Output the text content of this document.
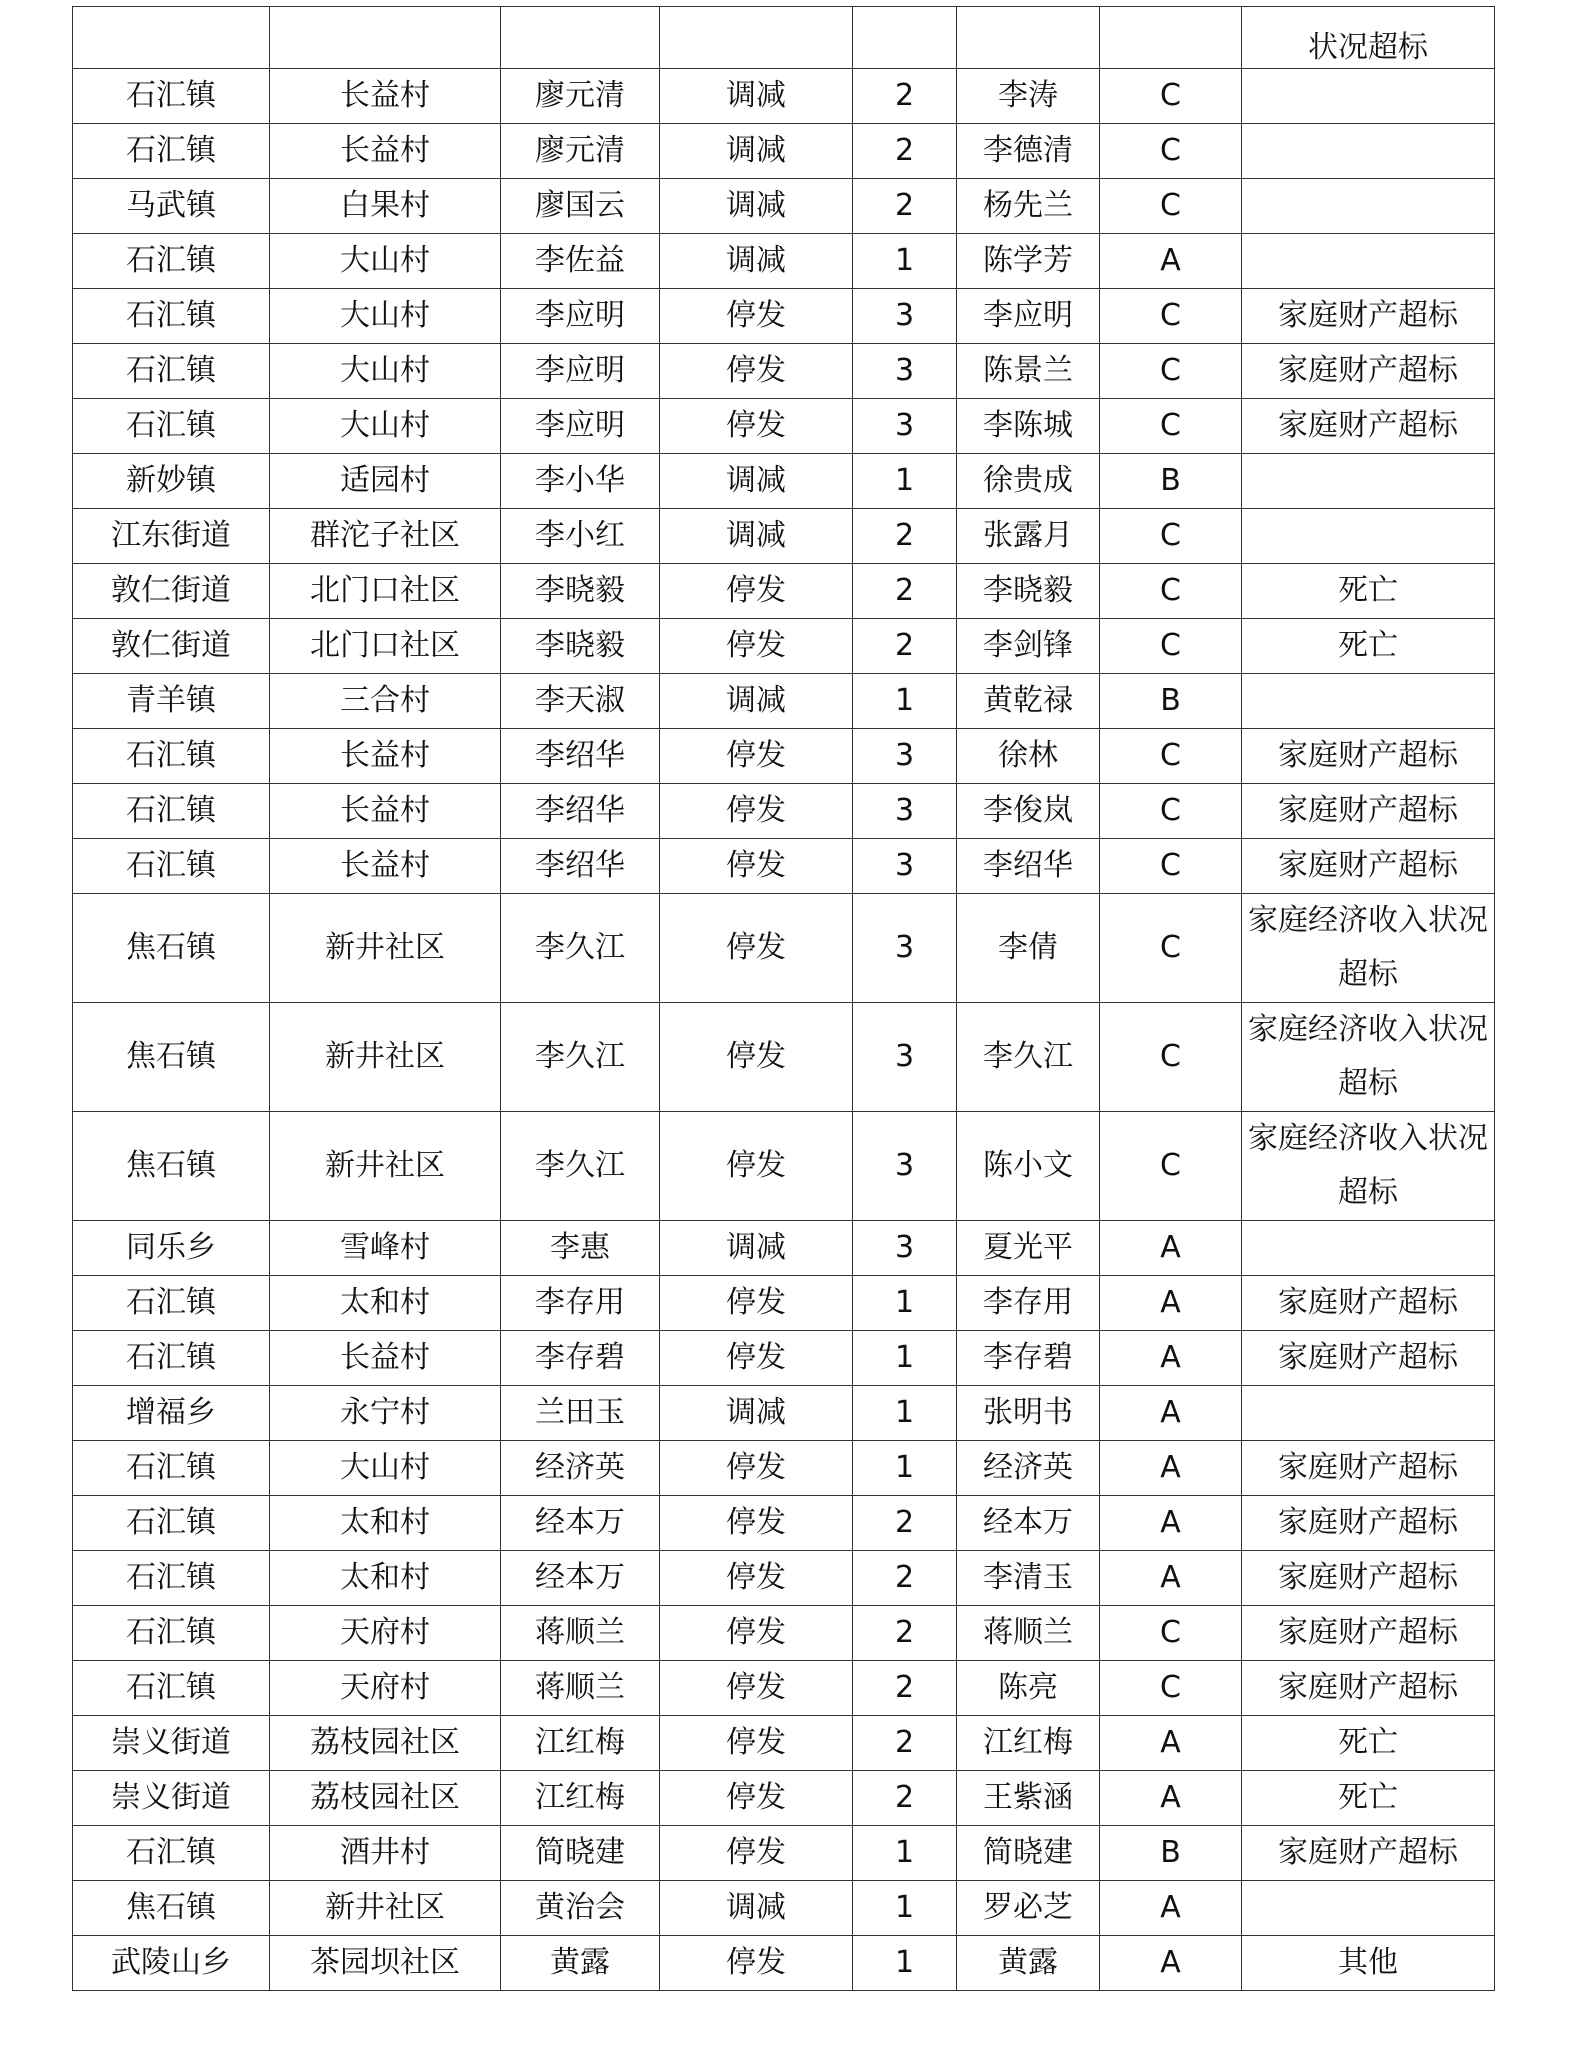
							状况超标
石汇镇	长益村	廖元清	调减	2	李涛	C	
石汇镇	长益村	廖元清	调减	2	李德清	C	
马武镇	白果村	廖国云	调减	2	杨先兰	C	
石汇镇	大山村	李佐益	调减	1	陈学芳	A	
石汇镇	大山村	李应明	停发	3	李应明	C	家庭财产超标
石汇镇	大山村	李应明	停发	3	陈景兰	C	家庭财产超标
石汇镇	大山村	李应明	停发	3	李陈城	C	家庭财产超标
新妙镇	适园村	李小华	调减	1	徐贵成	B	
江东街道	群沱子社区	李小红	调减	2	张露月	C	
敦仁街道	北门口社区	李晓毅	停发	2	李晓毅	C	死亡
敦仁街道	北门口社区	李晓毅	停发	2	李剑锋	C	死亡
青羊镇	三合村	李天淑	调减	1	黄乾禄	B	
石汇镇	长益村	李绍华	停发	3	徐林	C	家庭财产超标
石汇镇	长益村	李绍华	停发	3	李俊岚	C	家庭财产超标
石汇镇	长益村	李绍华	停发	3	李绍华	C	家庭财产超标
焦石镇	新井社区	李久江	停发	3	李倩	C	家庭经济收入状况超标
焦石镇	新井社区	李久江	停发	3	李久江	C	家庭经济收入状况超标
焦石镇	新井社区	李久江	停发	3	陈小文	C	家庭经济收入状况超标
同乐乡	雪峰村	李惠	调减	3	夏光平	A	
石汇镇	太和村	李存用	停发	1	李存用	A	家庭财产超标
石汇镇	长益村	李存碧	停发	1	李存碧	A	家庭财产超标
增福乡	永宁村	兰田玉	调减	1	张明书	A	
石汇镇	大山村	经济英	停发	1	经济英	A	家庭财产超标
石汇镇	太和村	经本万	停发	2	经本万	A	家庭财产超标
石汇镇	太和村	经本万	停发	2	李清玉	A	家庭财产超标
石汇镇	天府村	蒋顺兰	停发	2	蒋顺兰	C	家庭财产超标
石汇镇	天府村	蒋顺兰	停发	2	陈亮	C	家庭财产超标
崇义街道	荔枝园社区	江红梅	停发	2	江红梅	A	死亡
崇义街道	荔枝园社区	江红梅	停发	2	王紫涵	A	死亡
石汇镇	酒井村	简晓建	停发	1	简晓建	B	家庭财产超标
焦石镇	新井社区	黄治会	调减	1	罗必芝	A	
武陵山乡	茶园坝社区	黄露	停发	1	黄露	A	其他
